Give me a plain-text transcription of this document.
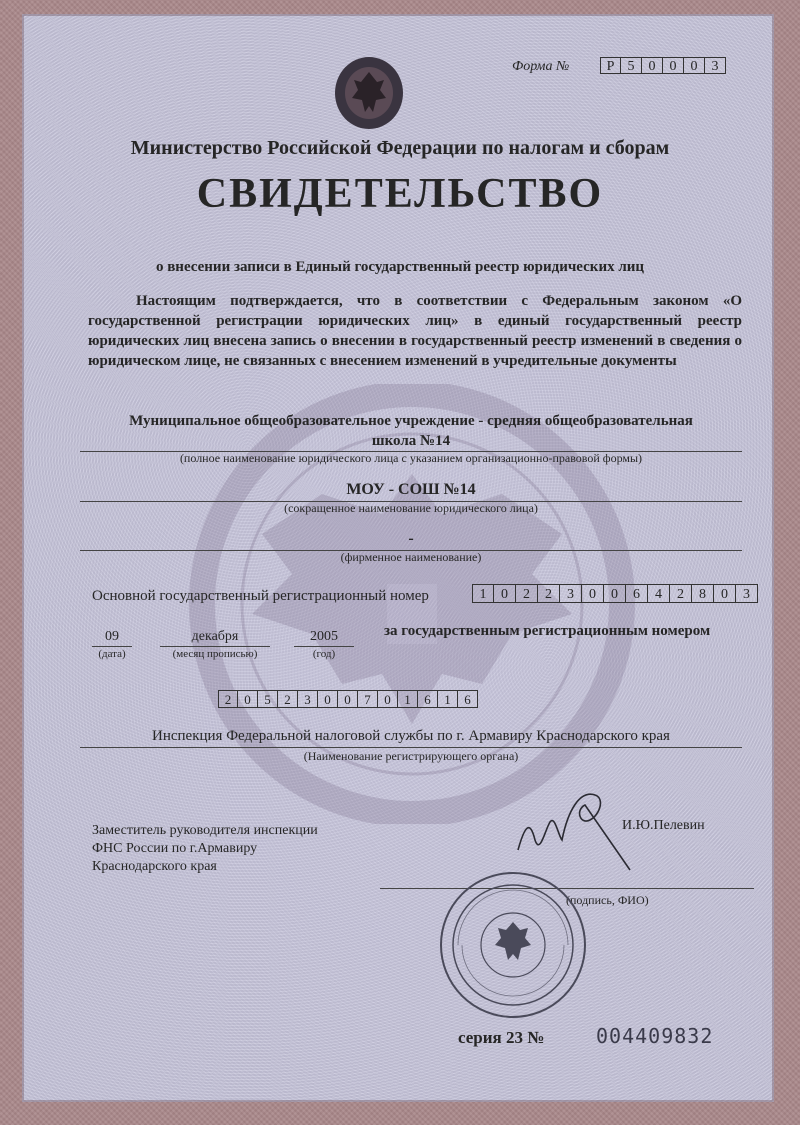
Форма №	Р 5	0	0	0	3
Министерство Российской Федерации по налогам и сборам
СВИДЕТЕЛЬСТВО
о внесении записи в Единый государственный реестр юридических лиц
Настоящим подтверждается, что в соответствии с Федеральным законом «О государственной регистрации юридических лиц» в единый государственный реестр юридических лиц внесена запись о внесении в государственный реестр изменений в сведения о юридическом лице, не связанных с внесением изменений в учредительные документы
Муниципальное общеобразовательное учреждение - средняя общеобразовательная
школа №14
(полное наименование юридического лица с указанием организационно-правовой формы)
МОУ - СОШ №14
(сокращенное наименование юридического лица)
-
(фирменное наименование)
Основной государственный регистрационный номер	1	0	2	2	3	0	0	6	4	2	8	0	3
09
(дата)
декабря
(месяц прописью)
2005
(год)
за государственным регистрационным номером
2	0	5	2	3	0	0	7	0	1	6	1	6
Инспекция Федеральной налоговой службы по г. Армавиру Краснодарского края
(Наименование регистрирующего органа)
Заместитель руководителя инспекции ФНС России по г.Армавиру Краснодарского края
И.Ю.Пелевин
(подпись, ФИО)
серия 23 №	004409832
